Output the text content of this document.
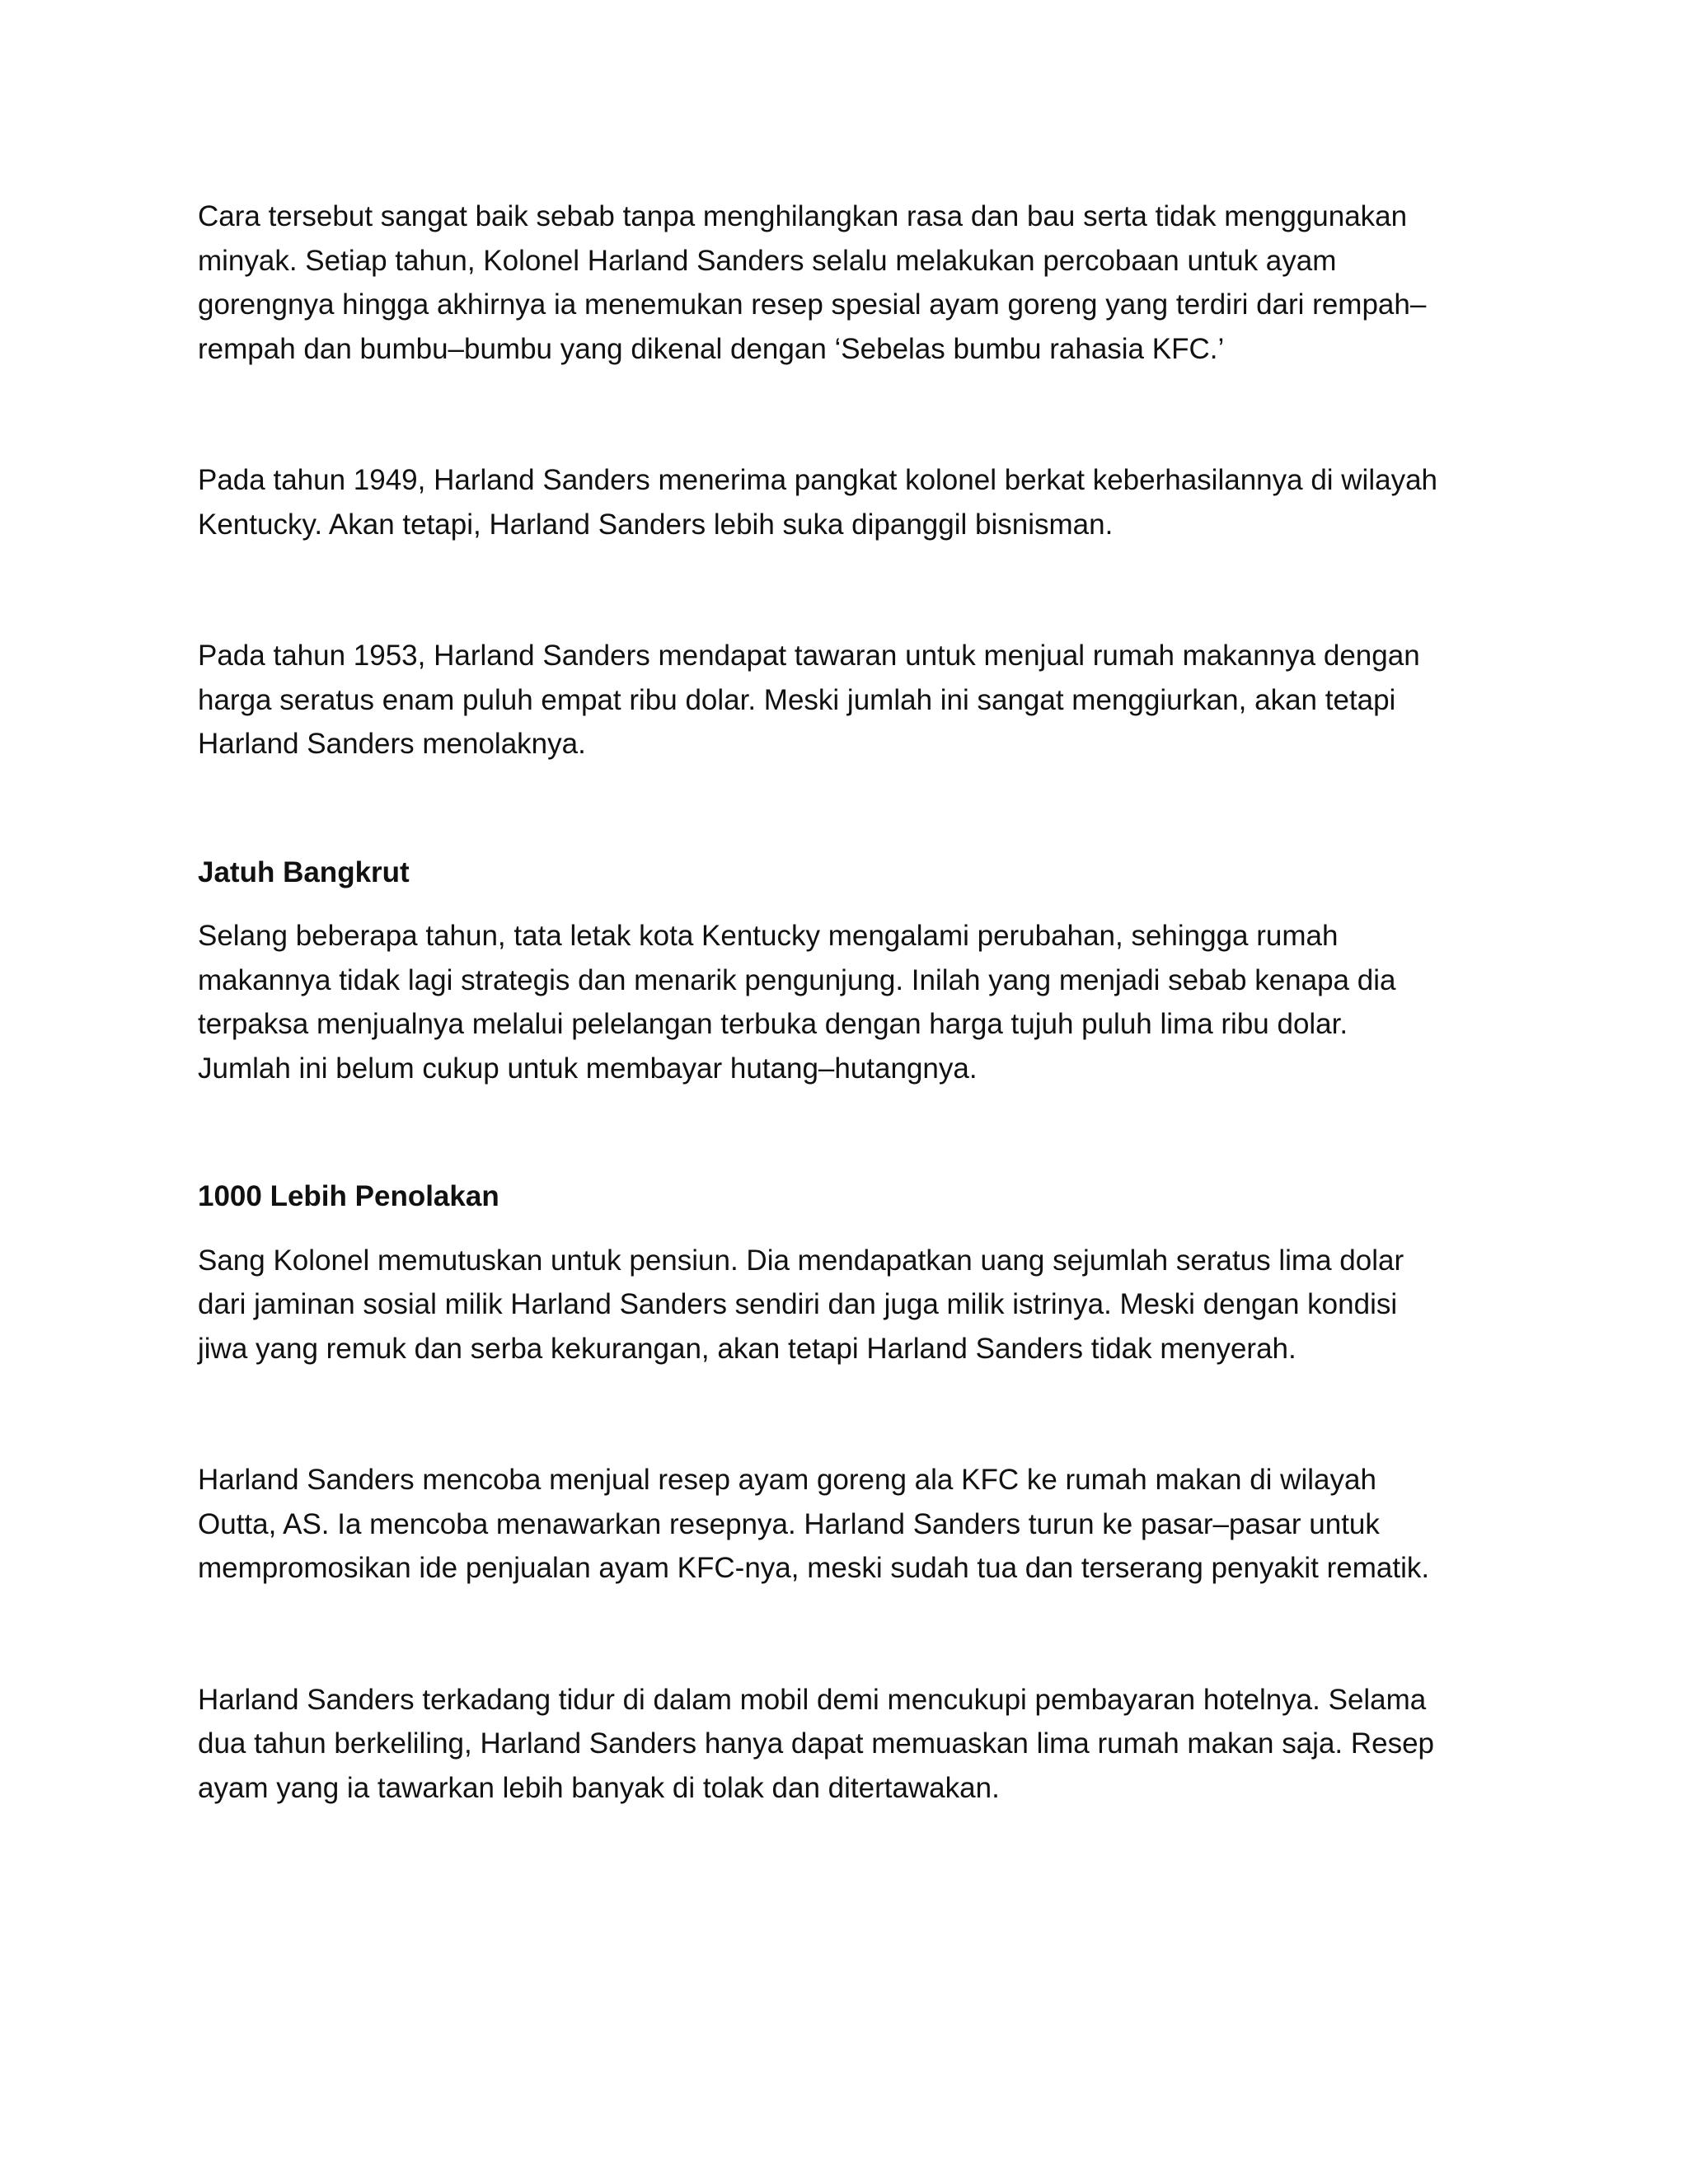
Cara tersebut sangat baik sebab tanpa menghilangkan rasa dan bau serta tidak menggunakan
minyak. Setiap tahun, Kolonel Harland Sanders selalu melakukan percobaan untuk ayam
gorengnya hingga akhirnya ia menemukan resep spesial ayam goreng yang terdiri dari rempah–
rempah dan bumbu–bumbu yang dikenal dengan ‘Sebelas bumbu rahasia KFC.’

Pada tahun 1949, Harland Sanders menerima pangkat kolonel berkat keberhasilannya di wilayah
Kentucky. Akan tetapi, Harland Sanders lebih suka dipanggil bisnisman.

Pada tahun 1953, Harland Sanders mendapat tawaran untuk menjual rumah makannya dengan
harga seratus enam puluh empat ribu dolar. Meski jumlah ini sangat menggiurkan, akan tetapi
Harland Sanders menolaknya.

Jatuh Bangkrut

Selang beberapa tahun, tata letak kota Kentucky mengalami perubahan, sehingga rumah
makannya tidak lagi strategis dan menarik pengunjung. Inilah yang menjadi sebab kenapa dia
terpaksa menjualnya melalui pelelangan terbuka dengan harga tujuh puluh lima ribu dolar.
Jumlah ini belum cukup untuk membayar hutang–hutangnya.

1000 Lebih Penolakan

Sang Kolonel memutuskan untuk pensiun. Dia mendapatkan uang sejumlah seratus lima dolar
dari jaminan sosial milik Harland Sanders sendiri dan juga milik istrinya. Meski dengan kondisi
jiwa yang remuk dan serba kekurangan, akan tetapi Harland Sanders tidak menyerah.

Harland Sanders mencoba menjual resep ayam goreng ala KFC ke rumah makan di wilayah
Outta, AS. Ia mencoba menawarkan resepnya. Harland Sanders turun ke pasar–pasar untuk
mempromosikan ide penjualan ayam KFC-nya, meski sudah tua dan terserang penyakit rematik.

Harland Sanders terkadang tidur di dalam mobil demi mencukupi pembayaran hotelnya. Selama
dua tahun berkeliling, Harland Sanders hanya dapat memuaskan lima rumah makan saja. Resep
ayam yang ia tawarkan lebih banyak di tolak dan ditertawakan.
